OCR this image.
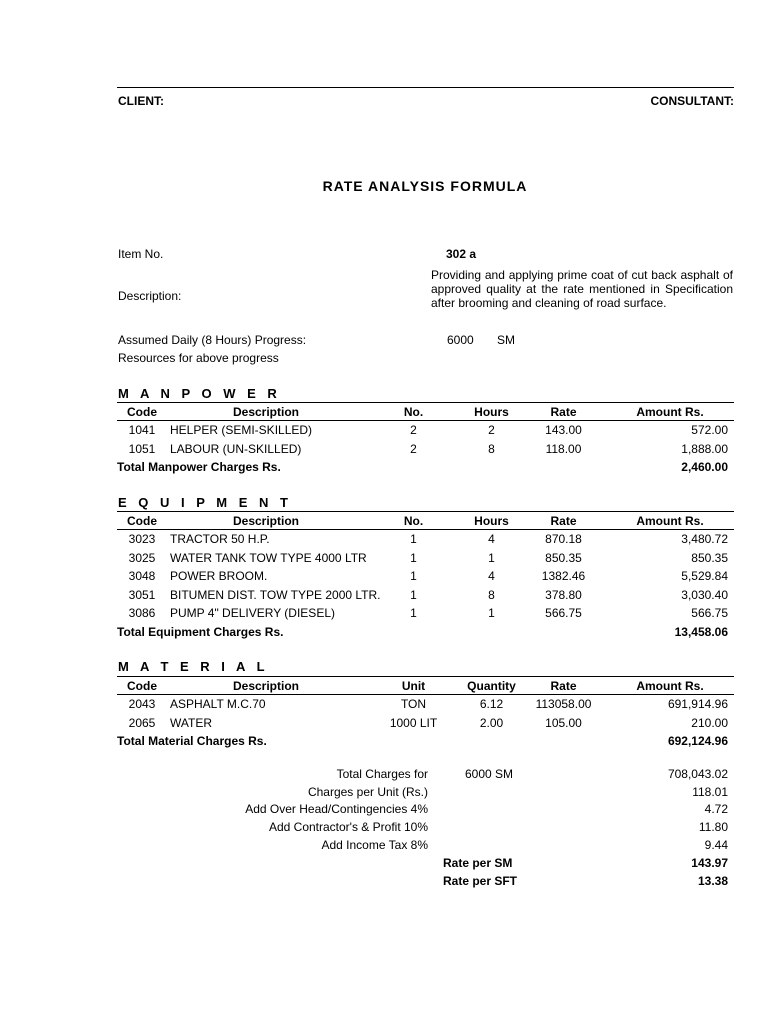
CLIENT:	CONSULTANT:
RATE ANALYSIS FORMULA
Item No.	302 a
Description:
Providing and applying prime coat of cut back asphalt of approved quality at the rate mentioned in Specification after brooming and cleaning of road surface.
Assumed Daily (8 Hours) Progress:	6000 SM
Resources for above progress
M A N P O W E R
Code	Description	No.	Hours	Rate	Amount Rs.
1041	HELPER (SEMI-SKILLED)	2	2	143.00	572.00
1051	LABOUR (UN-SKILLED)	2	8	118.00	1,888.00
Total Manpower Charges Rs.					2,460.00
E Q U I P M E N T
Code	Description	No.	Hours	Rate	Amount Rs.
3023	TRACTOR 50 H.P.	1	4	870.18	3,480.72
3025	WATER TANK TOW TYPE 4000 LTR	1	1	850.35	850.35
3048	POWER BROOM.	1	4	1382.46	5,529.84
3051	BITUMEN DIST. TOW TYPE 2000 LTR.	1	8	378.80	3,030.40
3086	PUMP 4" DELIVERY (DIESEL)	1	1	566.75	566.75
Total Equipment Charges Rs.					13,458.06
M A T E R I A L
Code	Description	Unit	Quantity	Rate	Amount Rs.
2043	ASPHALT M.C.70	TON	6.12	113058.00	691,914.96
2065	WATER	1000 LIT	2.00	105.00	210.00
Total Material Charges Rs.					692,124.96
Total Charges for	6000 SM	708,043.02
Charges per Unit (Rs.)	118.01
Add Over Head/Contingencies 4%	4.72
Add Contractor's & Profit 10%	11.80
Add Income Tax 8%	9.44
Rate per SM	143.97
Rate per SFT	13.38
